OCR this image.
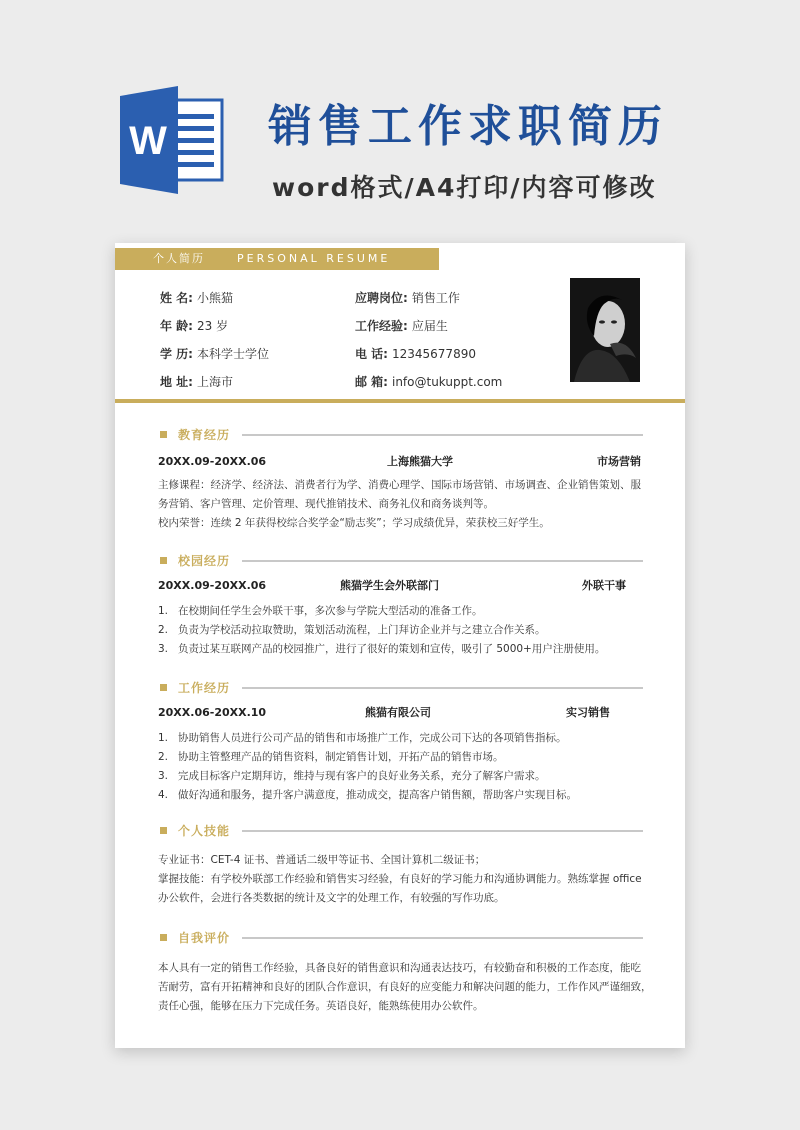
W 销售工作求职简历
word格式/A4打印/内容可修改
个人简历	PERSONAL RESUME
姓 名: 小熊猫
年 龄: 23 岁
学 历: 本科学士学位
地 址: 上海市
应聘岗位: 销售工作
工作经验: 应届生
电 话: 12345677890
邮 箱: info@tukuppt.com
教育经历
20XX.09-20XX.06	上海熊猫大学	市场营销
主修课程：经济学、经济法、消费者行为学、消费心理学、国际市场营销、市场调查、企业销售策划、服
务营销、客户管理、定价管理、现代推销技术、商务礼仪和商务谈判等。
校内荣誉：连续 2 年获得校综合奖学金“励志奖”；学习成绩优异，荣获校三好学生。
校园经历
20XX.09-20XX.06	熊猫学生会外联部门	外联干事
1. 在校期间任学生会外联干事，多次参与学院大型活动的准备工作。
2. 负责为学校活动拉取赞助，策划活动流程，上门拜访企业并与之建立合作关系。
3. 负责过某互联网产品的校园推广，进行了很好的策划和宣传，吸引了 5000+用户注册使用。
工作经历
20XX.06-20XX.10	熊猫有限公司	实习销售
1. 协助销售人员进行公司产品的销售和市场推广工作，完成公司下达的各项销售指标。
2. 协助主管整理产品的销售资料，制定销售计划，开拓产品的销售市场。
3. 完成目标客户定期拜访，维持与现有客户的良好业务关系，充分了解客户需求。
4. 做好沟通和服务，提升客户满意度，推动成交，提高客户销售额，帮助客户实现目标。
个人技能
专业证书：CET-4 证书、普通话二级甲等证书、全国计算机二级证书；
掌握技能：有学校外联部工作经验和销售实习经验，有良好的学习能力和沟通协调能力。熟练掌握 office
办公软件，会进行各类数据的统计及文字的处理工作，有较强的写作功底。
自我评价
本人具有一定的销售工作经验，具备良好的销售意识和沟通表达技巧，有较勤奋和积极的工作态度，能吃
苦耐劳，富有开拓精神和良好的团队合作意识，有良好的应变能力和解决问题的能力，工作作风严谨细致，
责任心强，能够在压力下完成任务。英语良好，能熟练使用办公软件。
